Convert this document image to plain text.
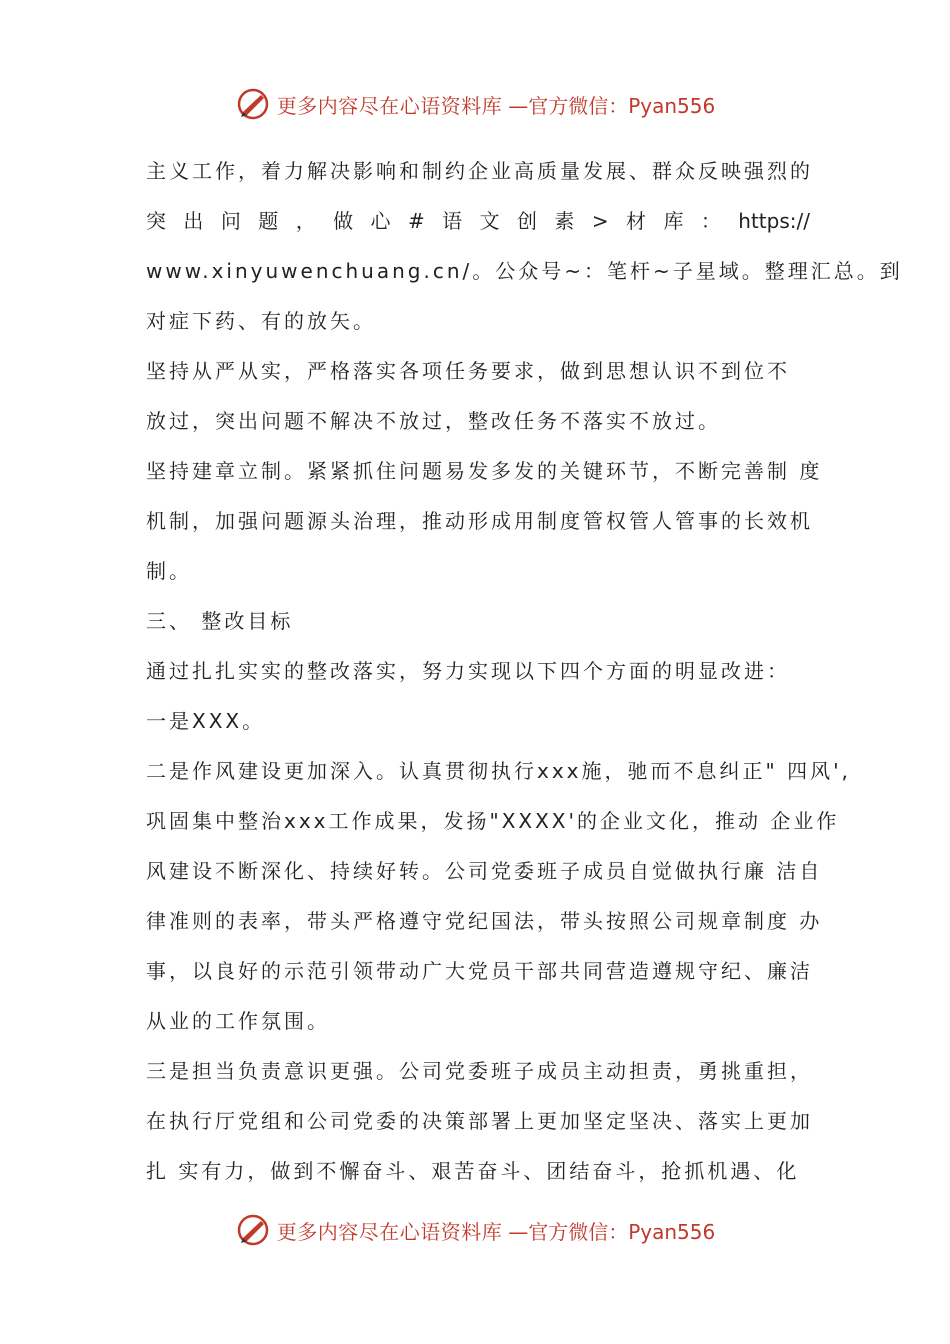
更多内容尽在心语资料库 —官方微信：Pyan556
主义工作，着力解决影响和制约企业高质量发展、群众反映强烈的
突 出 问 题 ， 做 心 # 语 文 创 素 > 材 库 ： https://
www.xinyuwenchuang.cn/。公众号~：笔杆~子星域。整理汇总。到
对症下药、有的放矢。
坚持从严从实，严格落实各项任务要求，做到思想认识不到位不
放过，突出问题不解决不放过，整改任务不落实不放过。
坚持建章立制。紧紧抓住问题易发多发的关键环节，不断完善制 度
机制，加强问题源头治理，推动形成用制度管权管人管事的长效机
制。
三、 整改目标
通过扎扎实实的整改落实，努力实现以下四个方面的明显改进：
一是XXX。
二是作风建设更加深入。认真贯彻执行xxx施，驰而不息纠正" 四风',
巩固集中整治xxx工作成果，发扬"XXXX'的企业文化，推动 企业作
风建设不断深化、持续好转。公司党委班子成员自觉做执行廉 洁自
律准则的表率，带头严格遵守党纪国法，带头按照公司规章制度 办
事，以良好的示范引领带动广大党员干部共同营造遵规守纪、廉洁
从业的工作氛围。
三是担当负责意识更强。公司党委班子成员主动担责，勇挑重担，
在执行厅党组和公司党委的决策部署上更加坚定坚决、落实上更加
扎 实有力，做到不懈奋斗、艰苦奋斗、团结奋斗，抢抓机遇、化
更多内容尽在心语资料库 —官方微信：Pyan556
